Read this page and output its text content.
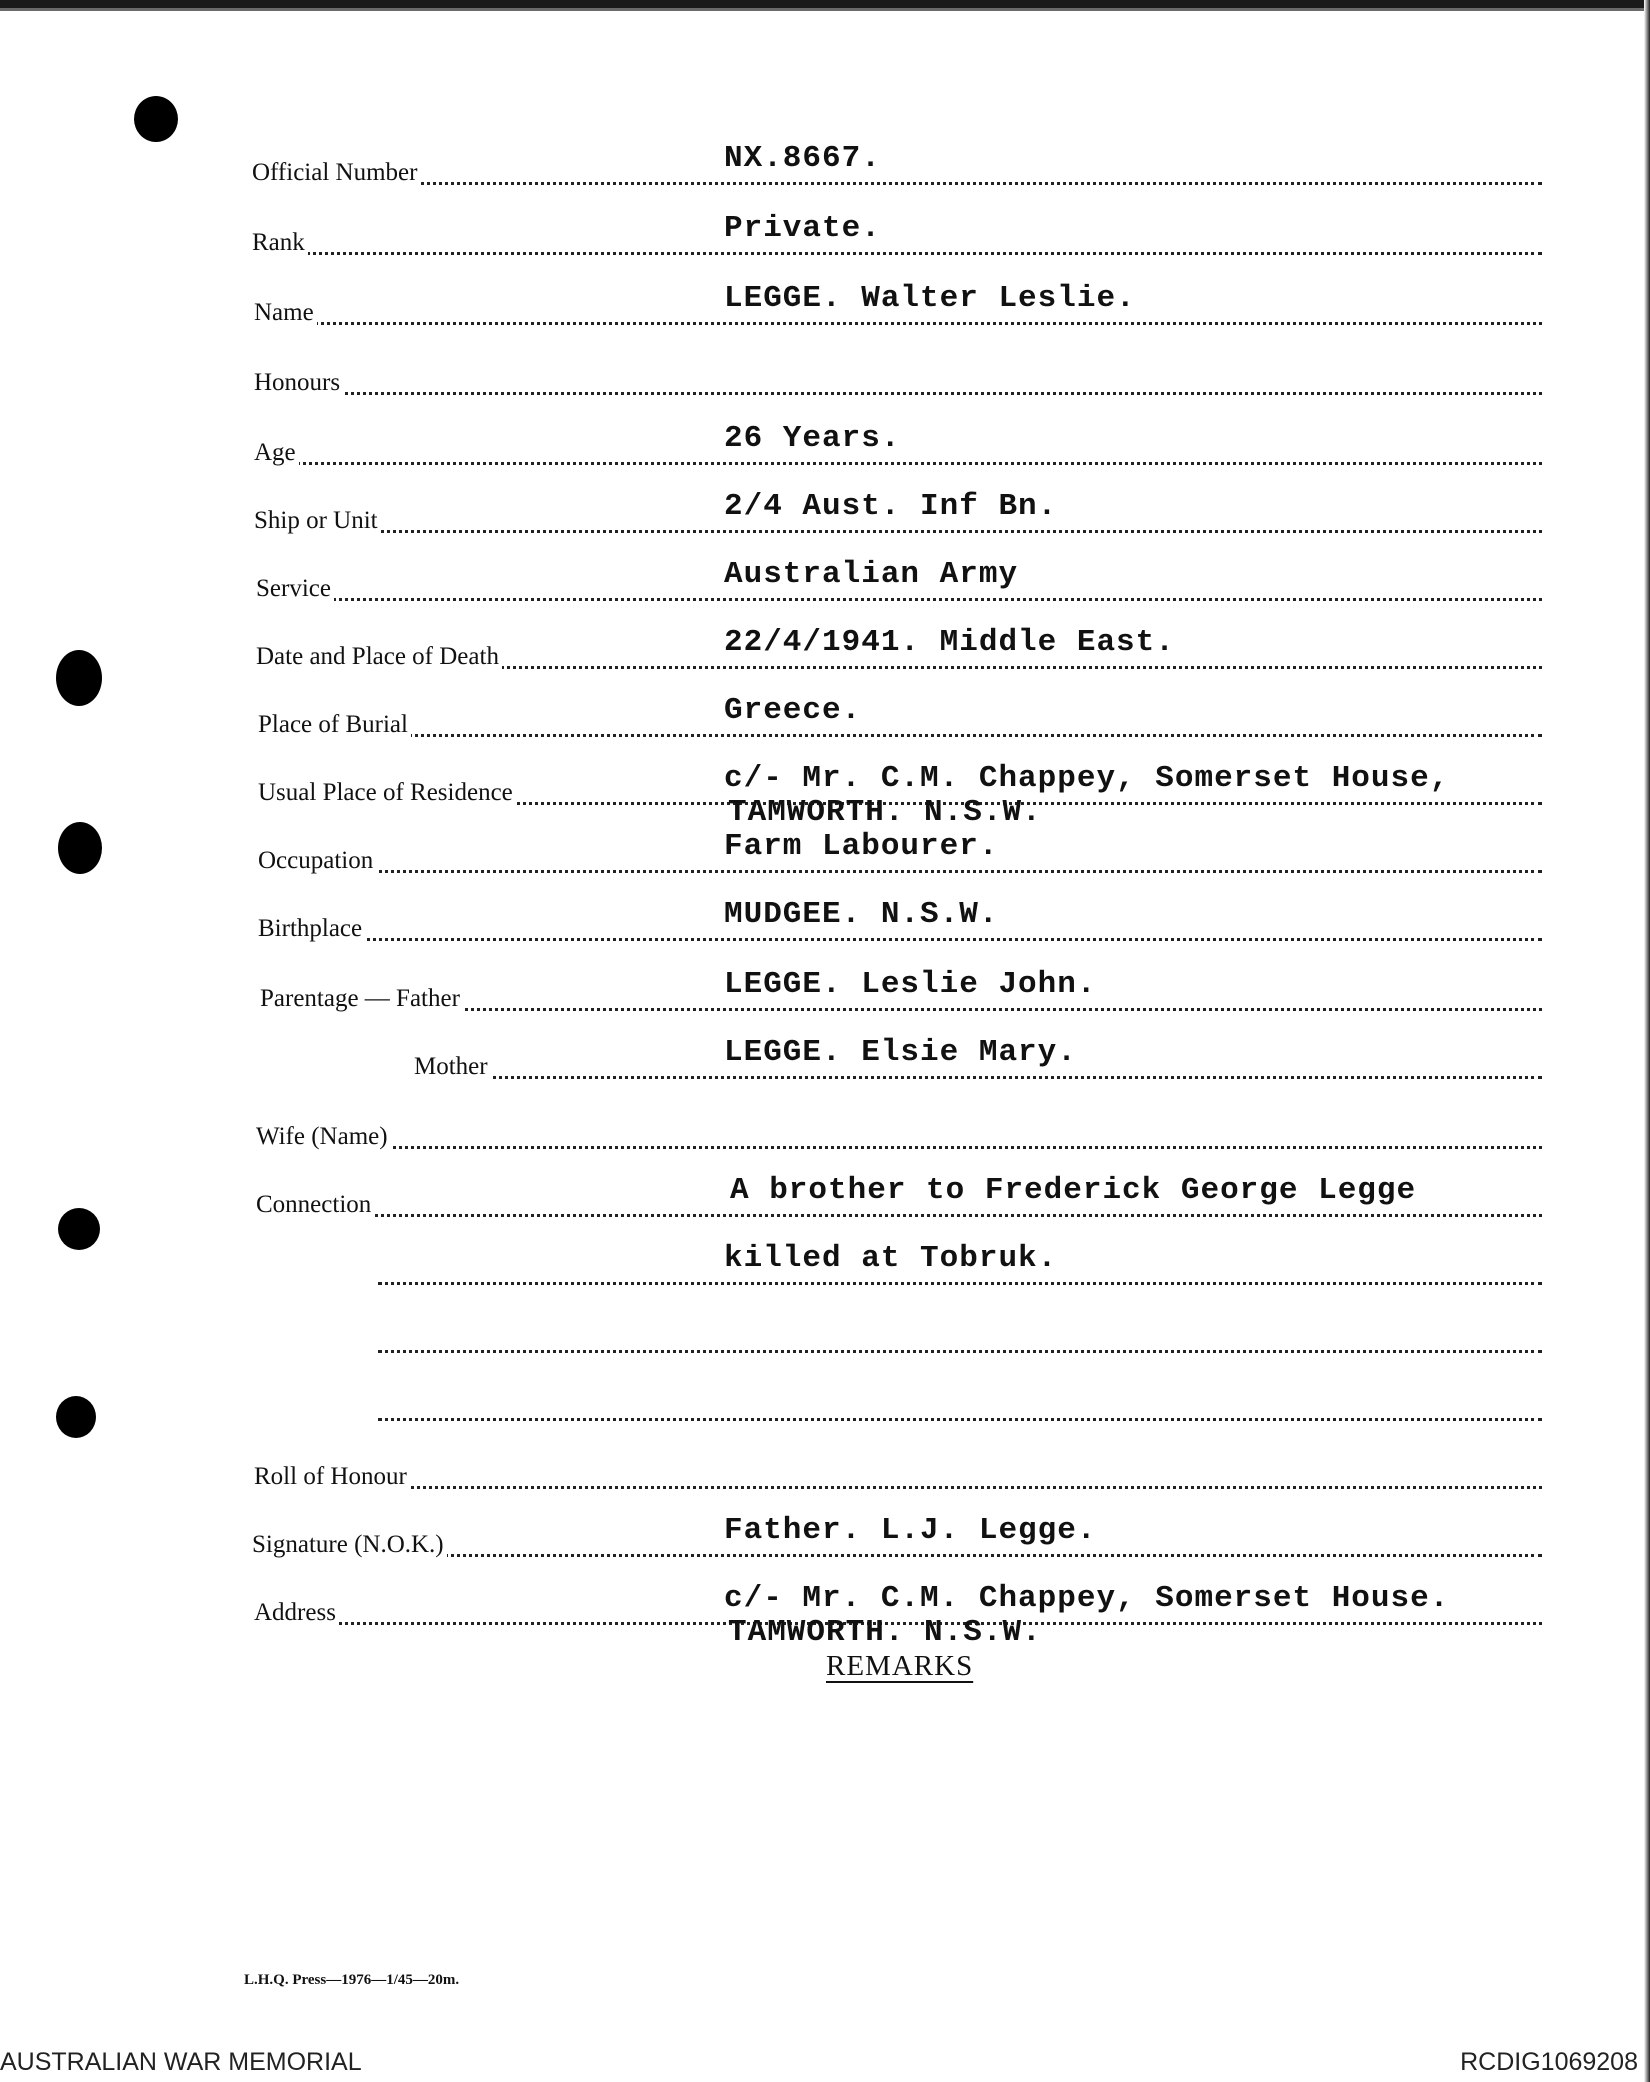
Official Number	NX.8667.
Rank	Private.
Name	LEGGE. Walter Leslie.
Honours
Age	26 Years.
Ship or Unit	2/4 Aust. Inf Bn.
Service	Australian Army
Date and Place of Death	22/4/1941. Middle East.
Place of Burial	Greece.
Usual Place of Residence	c/- Mr. C.M. Chappey, Somerset House,
TAMWORTH. N.S.W.
Occupation	Farm Labourer.
Birthplace	MUDGEE. N.S.W.
Parentage — Father	LEGGE. Leslie John.
Mother	LEGGE. Elsie Mary.
Wife (Name)
Connection	A brother to Frederick George Legge
killed at Tobruk.
Roll of Honour
Signature (N.O.K.)	Father. L.J. Legge.
Address	c/- Mr. C.M. Chappey, Somerset House.
TAMWORTH. N.S.W.
REMARKS
L.H.Q. Press—1976—1/45—20m.
AUSTRALIAN WAR MEMORIAL	RCDIG1069208
